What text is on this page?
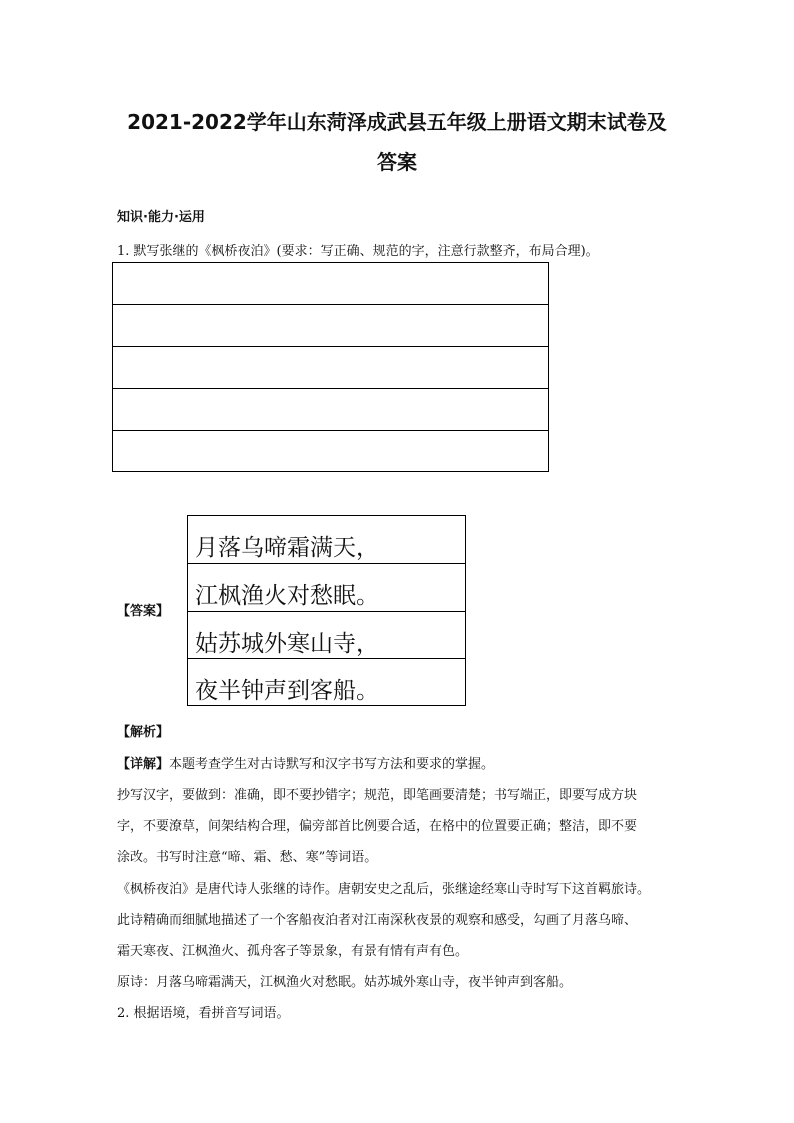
2021-2022学年山东菏泽成武县五年级上册语文期末试卷及
答案
知识·能力·运用
1. 默写张继的《枫桥夜泊》(要求：写正确、规范的字，注意行款整齐，布局合理)。
【答案】
月落乌啼霜满天，
江枫渔火对愁眠。
姑苏城外寒山寺，
夜半钟声到客船。
【解析】
【详解】本题考查学生对古诗默写和汉字书写方法和要求的掌握。
抄写汉字，要做到：准确，即不要抄错字；规范，即笔画要清楚；书写端正，即要写成方块
字，不要潦草，间架结构合理，偏旁部首比例要合适，在格中的位置要正确；整洁，即不要
涂改。书写时注意“啼、霜、愁、寒”等词语。
《枫桥夜泊》是唐代诗人张继的诗作。唐朝安史之乱后，张继途经寒山寺时写下这首羁旅诗。
此诗精确而细腻地描述了一个客船夜泊者对江南深秋夜景的观察和感受，勾画了月落乌啼、
霜天寒夜、江枫渔火、孤舟客子等景象，有景有情有声有色。
原诗：月落乌啼霜满天，江枫渔火对愁眠。姑苏城外寒山寺，夜半钟声到客船。
2. 根据语境，看拼音写词语。
